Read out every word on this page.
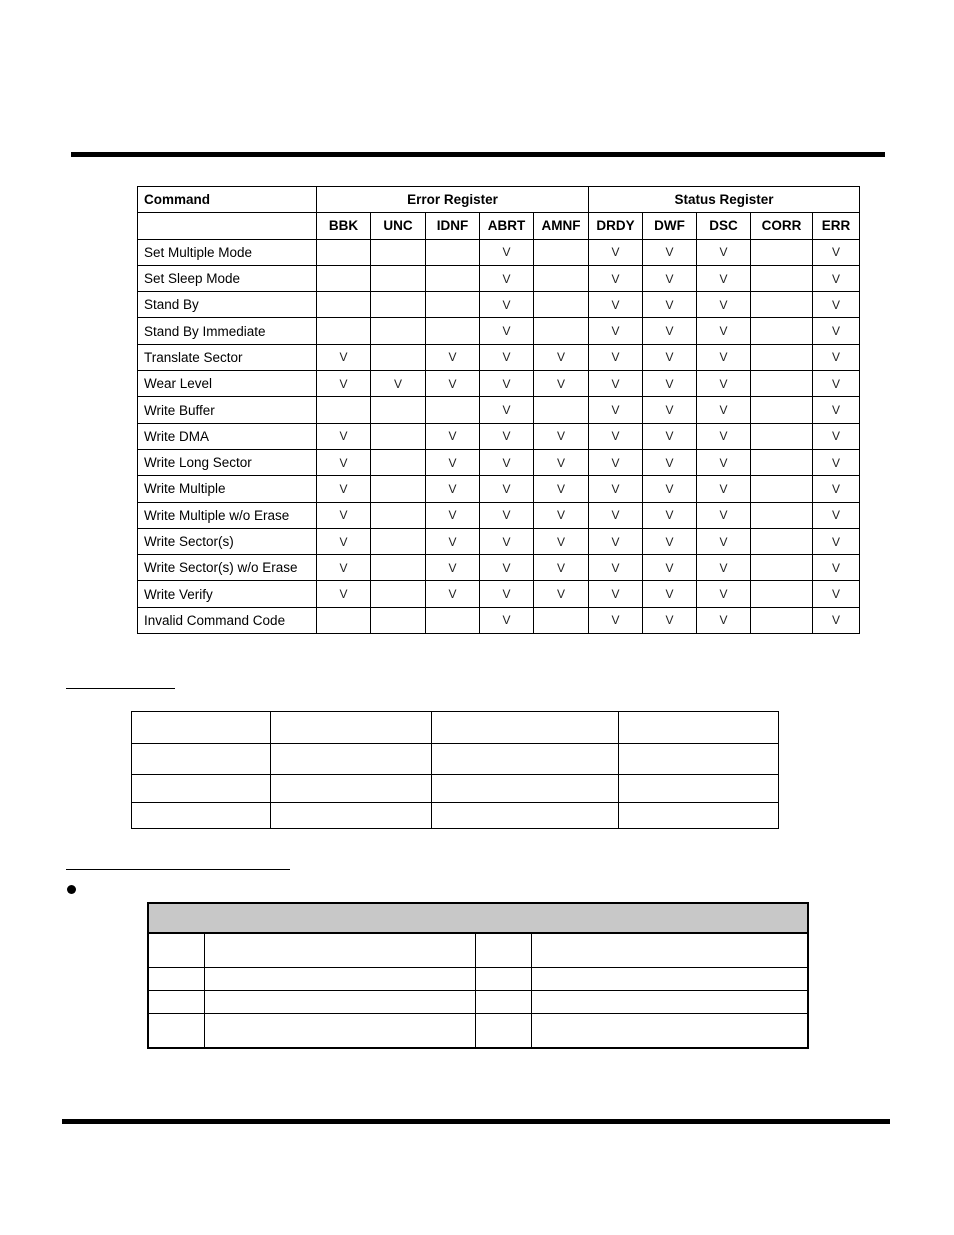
Command	Error Register					Status Register				
	BBK	UNC	IDNF	ABRT	AMNF	DRDY	DWF	DSC	CORR	ERR
Set Multiple Mode				V		V	V	V		V
Set Sleep Mode				V		V	V	V		V
Stand By				V		V	V	V		V
Stand By Immediate				V		V	V	V		V
Translate Sector	V		V	V	V	V	V	V		V
Wear Level	V	V	V	V	V	V	V	V		V
Write Buffer				V		V	V	V		V
Write DMA	V		V	V	V	V	V	V		V
Write Long Sector	V		V	V	V	V	V	V		V
Write Multiple	V		V	V	V	V	V	V		V
Write Multiple w/o Erase	V		V	V	V	V	V	V		V
Write Sector(s)	V		V	V	V	V	V	V		V
Write Sector(s) w/o Erase	V		V	V	V	V	V	V		V
Write Verify	V		V	V	V	V	V	V		V
Invalid Command Code				V		V	V	V		V
